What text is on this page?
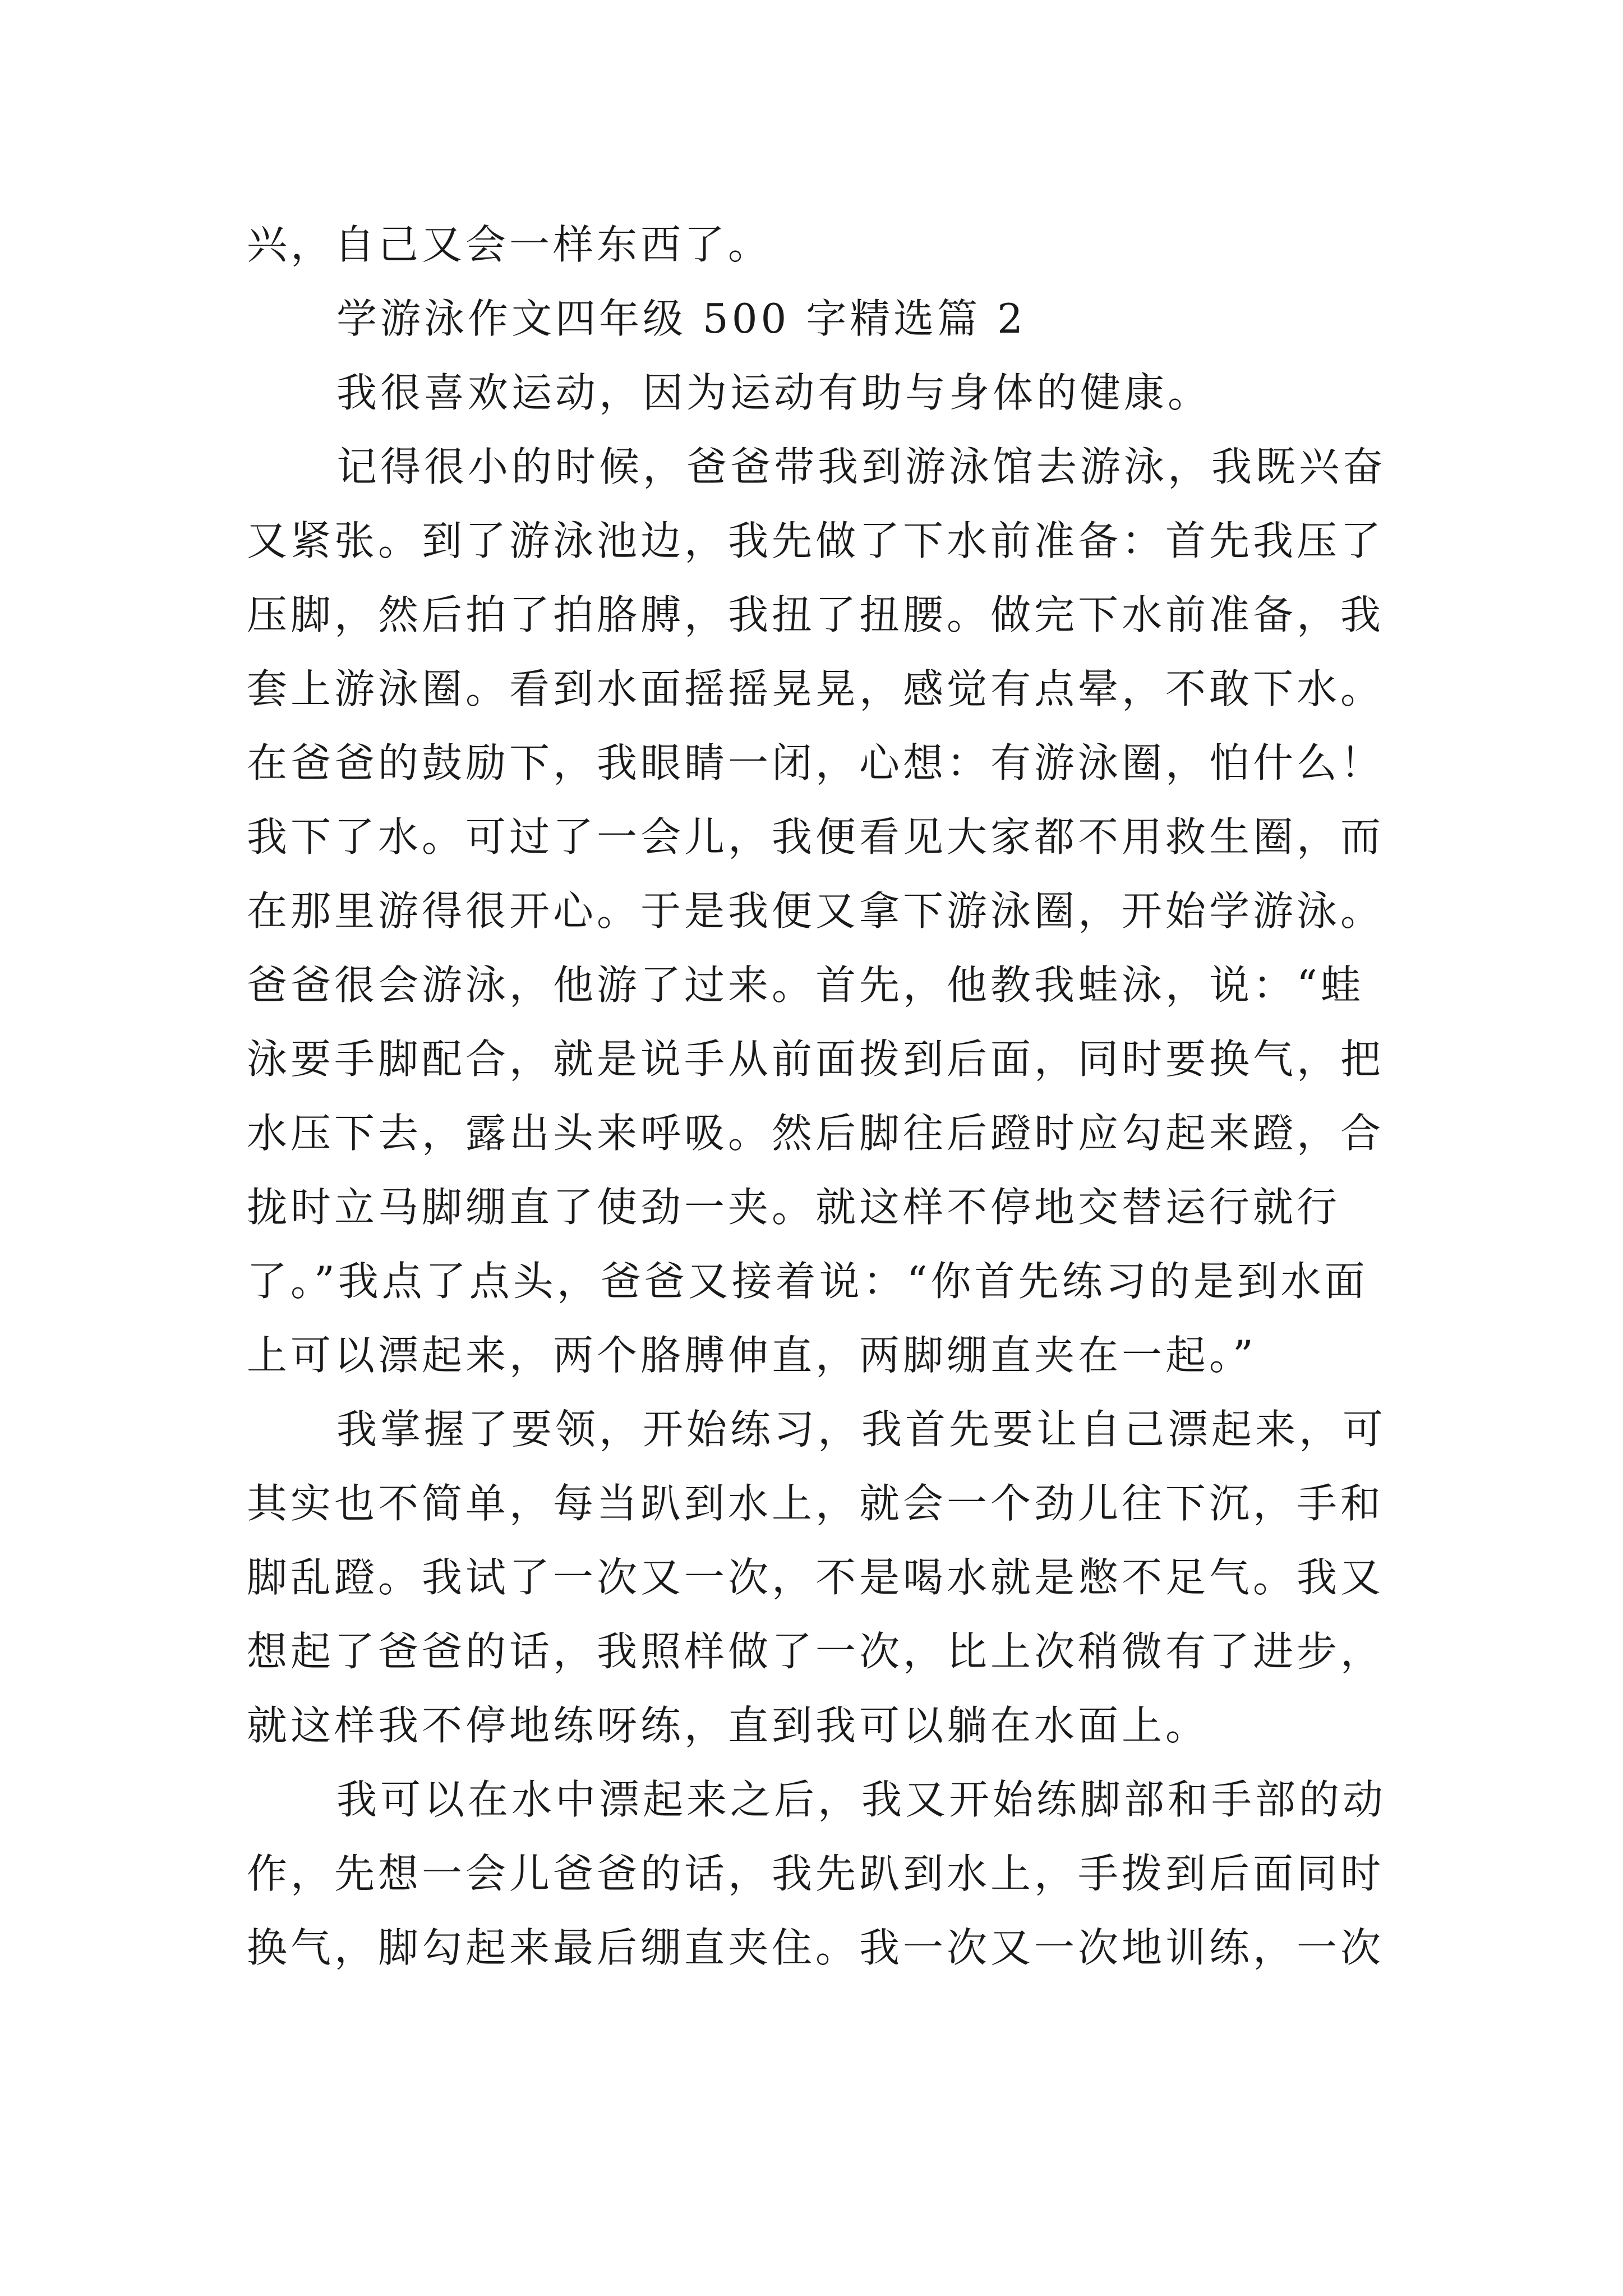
兴，自己又会一样东西了。
学游泳作文四年级 500 字精选篇 2
我很喜欢运动，因为运动有助与身体的健康。
记得很小的时候，爸爸带我到游泳馆去游泳，我既兴奋
又紧张。到了游泳池边，我先做了下水前准备：首先我压了
压脚，然后拍了拍胳膊，我扭了扭腰。做完下水前准备，我
套上游泳圈。看到水面摇摇晃晃，感觉有点晕，不敢下水。
在爸爸的鼓励下，我眼睛一闭，心想：有游泳圈，怕什么！
我下了水。可过了一会儿，我便看见大家都不用救生圈，而
在那里游得很开心。于是我便又拿下游泳圈，开始学游泳。
爸爸很会游泳，他游了过来。首先，他教我蛙泳，说：“蛙
泳要手脚配合，就是说手从前面拨到后面，同时要换气，把
水压下去，露出头来呼吸。然后脚往后蹬时应勾起来蹬，合
拢时立马脚绷直了使劲一夹。就这样不停地交替运行就行
了。”我点了点头，爸爸又接着说：“你首先练习的是到水面
上可以漂起来，两个胳膊伸直，两脚绷直夹在一起。”
我掌握了要领，开始练习，我首先要让自己漂起来，可
其实也不简单，每当趴到水上，就会一个劲儿往下沉，手和
脚乱蹬。我试了一次又一次，不是喝水就是憋不足气。我又
想起了爸爸的话，我照样做了一次，比上次稍微有了进步，
就这样我不停地练呀练，直到我可以躺在水面上。
我可以在水中漂起来之后，我又开始练脚部和手部的动
作，先想一会儿爸爸的话，我先趴到水上，手拨到后面同时
换气，脚勾起来最后绷直夹住。我一次又一次地训练，一次
